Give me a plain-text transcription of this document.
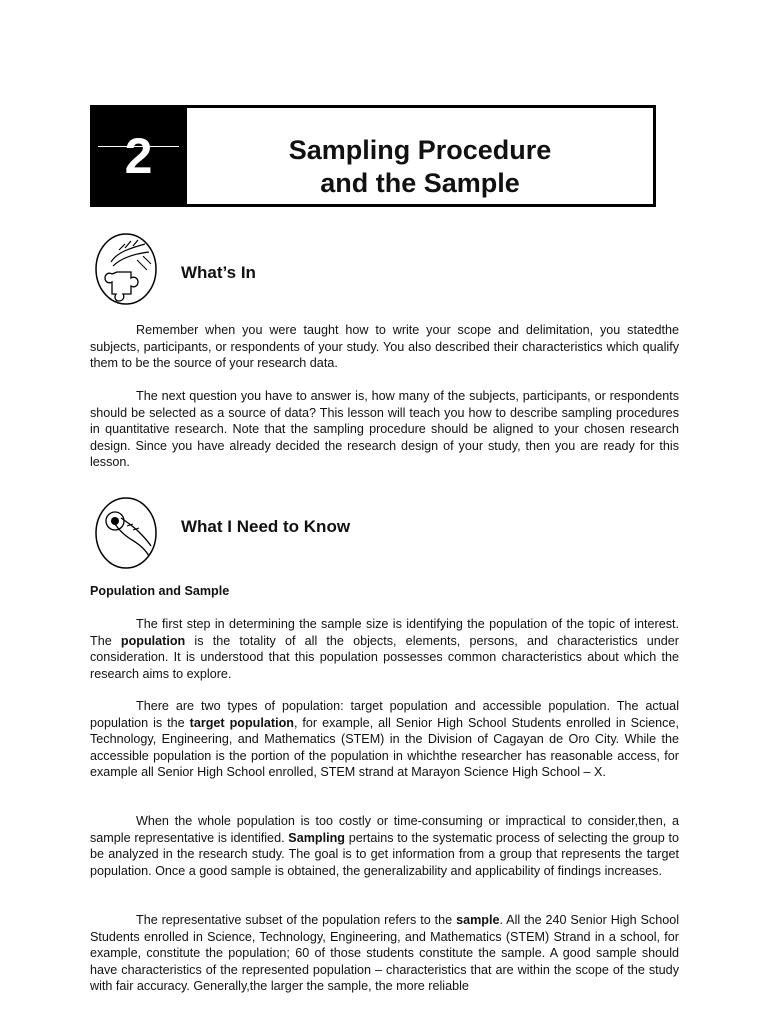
2	Sampling Procedure
and the Sample
What’s In

Remember when you were taught how to write your scope and delimitation, you statedthe subjects, participants, or respondents of your study. You also described their characteristics which qualify them to be the source of your research data.

The next question you have to answer is, how many of the subjects, participants, or respondents should be selected as a source of data? This lesson will teach you how to describe sampling procedures in quantitative research. Note that the sampling procedure should be aligned to your chosen research design. Since you have already decided the research design of your study, then you are ready for this lesson.

What I Need to Know
Population and Sample

The first step in determining the sample size is identifying the population of the topic of interest. The population is the totality of all the objects, elements, persons, and characteristics under consideration. It is understood that this population possesses common characteristics about which the research aims to explore.

There are two types of population: target population and accessible population. The actual population is the target population, for example, all Senior High School Students enrolled in Science, Technology, Engineering, and Mathematics (STEM) in the Division of Cagayan de Oro City. While the accessible population is the portion of the population in whichthe researcher has reasonable access, for example all Senior High School enrolled, STEM strand at Marayon Science High School – X.

When the whole population is too costly or time-consuming or impractical to consider,then, a sample representative is identified. Sampling pertains to the systematic process of selecting the group to be analyzed in the research study. The goal is to get information from a group that represents the target population. Once a good sample is obtained, the generalizability and applicability of findings increases.

The representative subset of the population refers to the sample. All the 240 Senior High School Students enrolled in Science, Technology, Engineering, and Mathematics (STEM) Strand in a school, for example, constitute the population; 60 of those students constitute the sample. A good sample should have characteristics of the represented population – characteristics that are within the scope of the study with fair accuracy. Generally,the larger the sample, the more reliable
